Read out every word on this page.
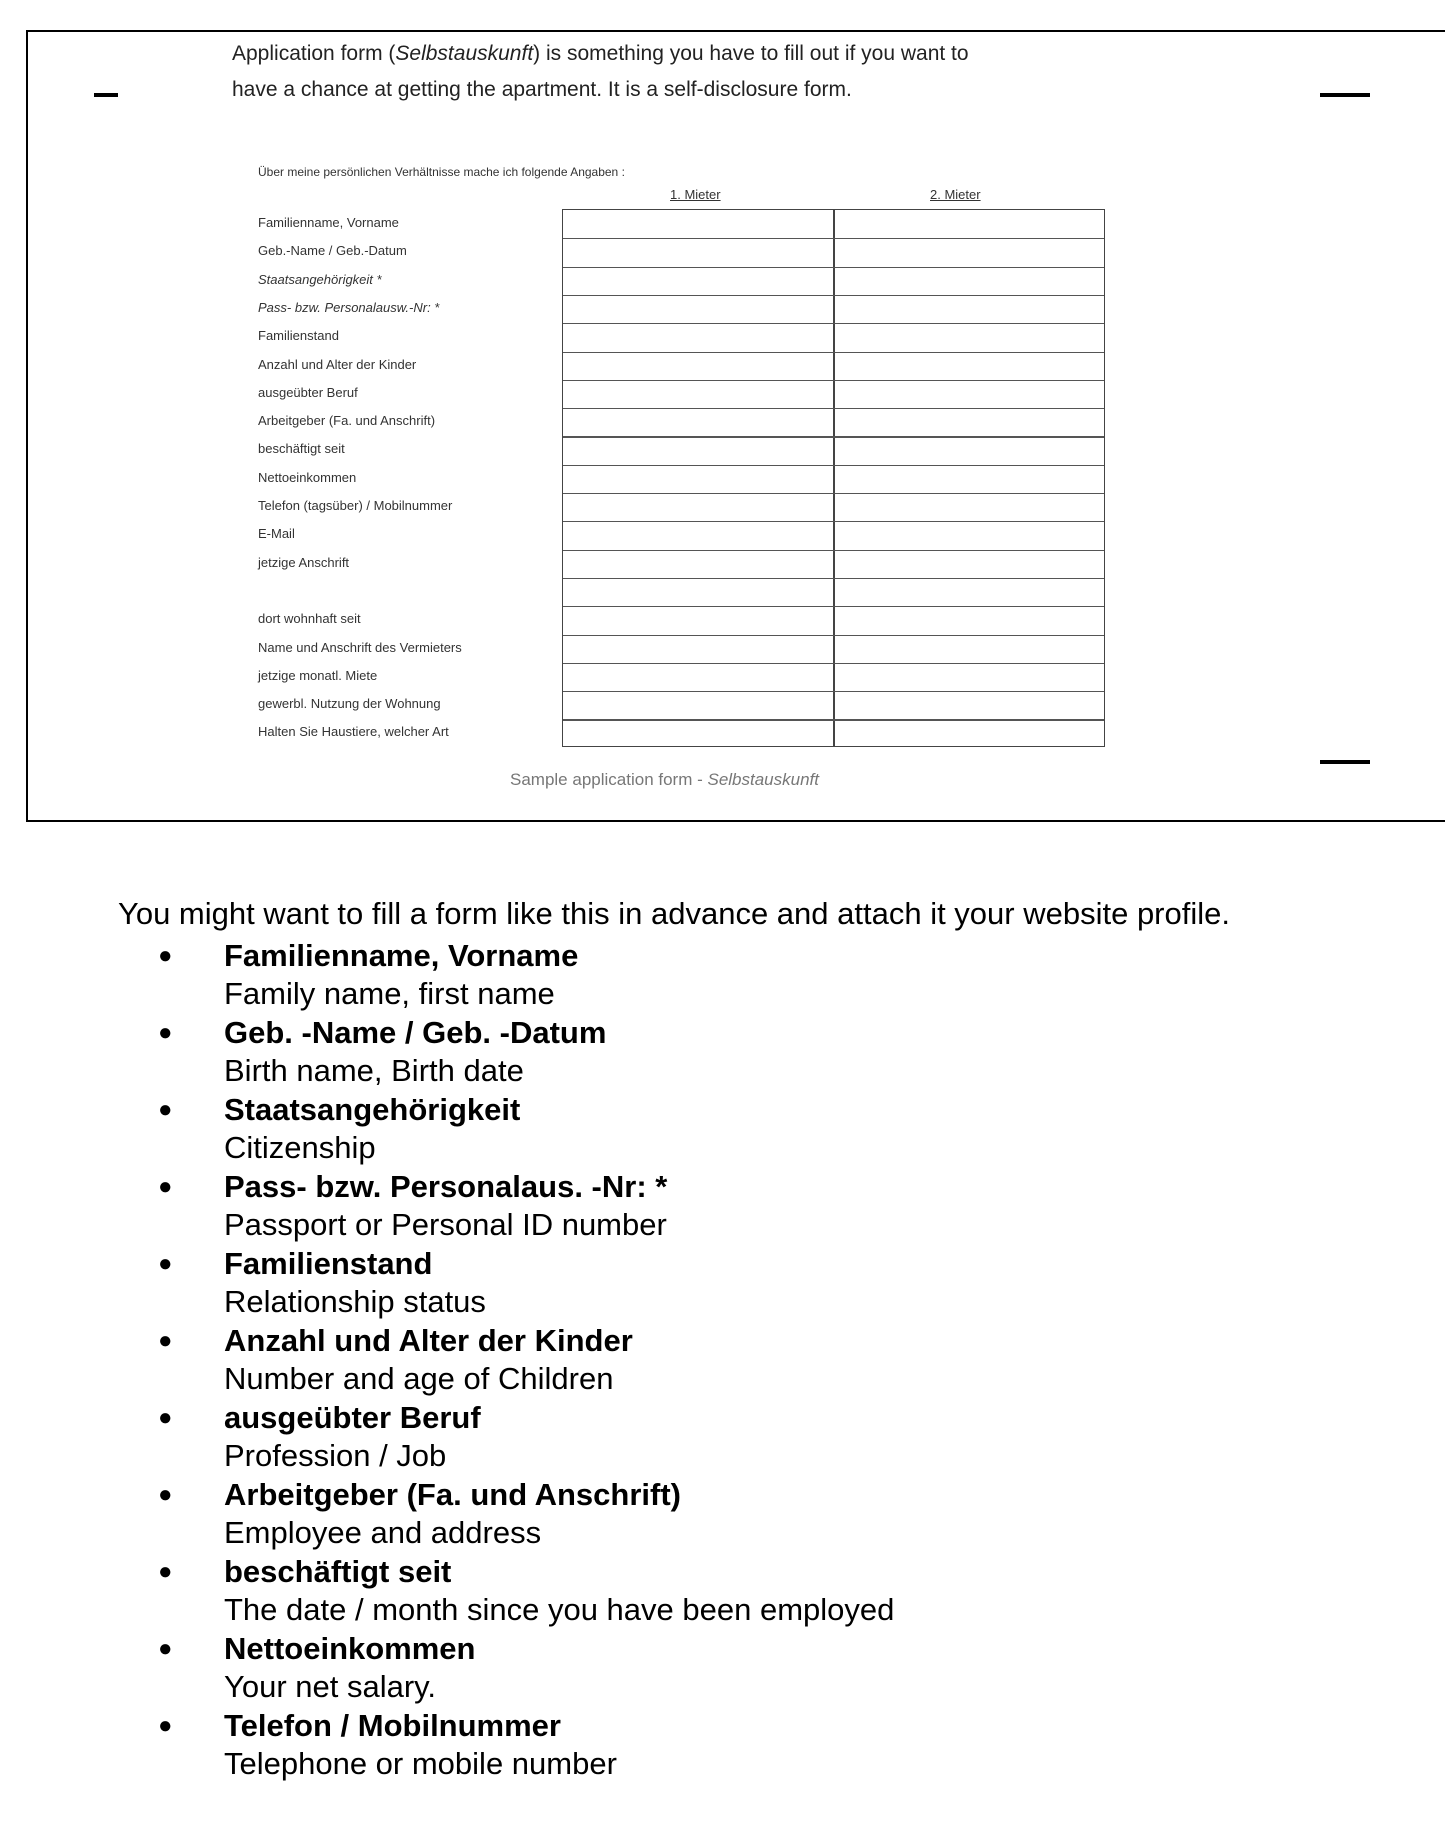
Application form (Selbstauskunft) is something you have to fill out if you want to
have a chance at getting the apartment. It is a self-disclosure form.
Über meine persönlichen Verhältnisse mache ich folgende Angaben :
1. Mieter	2. Mieter
Familienname, Vorname
Geb.-Name / Geb.-Datum
Staatsangehörigkeit *
Pass- bzw. Personalausw.-Nr: *
Familienstand
Anzahl und Alter der Kinder
ausgeübter Beruf
Arbeitgeber (Fa. und Anschrift)
beschäftigt seit
Nettoeinkommen
Telefon (tagsüber) / Mobilnummer
E-Mail
jetzige Anschrift
dort wohnhaft seit
Name und Anschrift des Vermieters
jetzige monatl. Miete
gewerbl. Nutzung der Wohnung
Halten Sie Haustiere, welcher Art
Sample application form - Selbstauskunft
You might want to fill a form like this in advance and attach it your website profile.
● Familienname, Vorname
Family name, first name
● Geb. -Name / Geb. -Datum
Birth name, Birth date
● Staatsangehörigkeit
Citizenship
● Pass- bzw. Personalaus. -Nr: *
Passport or Personal ID number
● Familienstand
Relationship status
● Anzahl und Alter der Kinder
Number and age of Children
● ausgeübter Beruf
Profession / Job
● Arbeitgeber (Fa. und Anschrift)
Employee and address
● beschäftigt seit
The date / month since you have been employed
● Nettoeinkommen
Your net salary.
● Telefon / Mobilnummer
Telephone or mobile number
